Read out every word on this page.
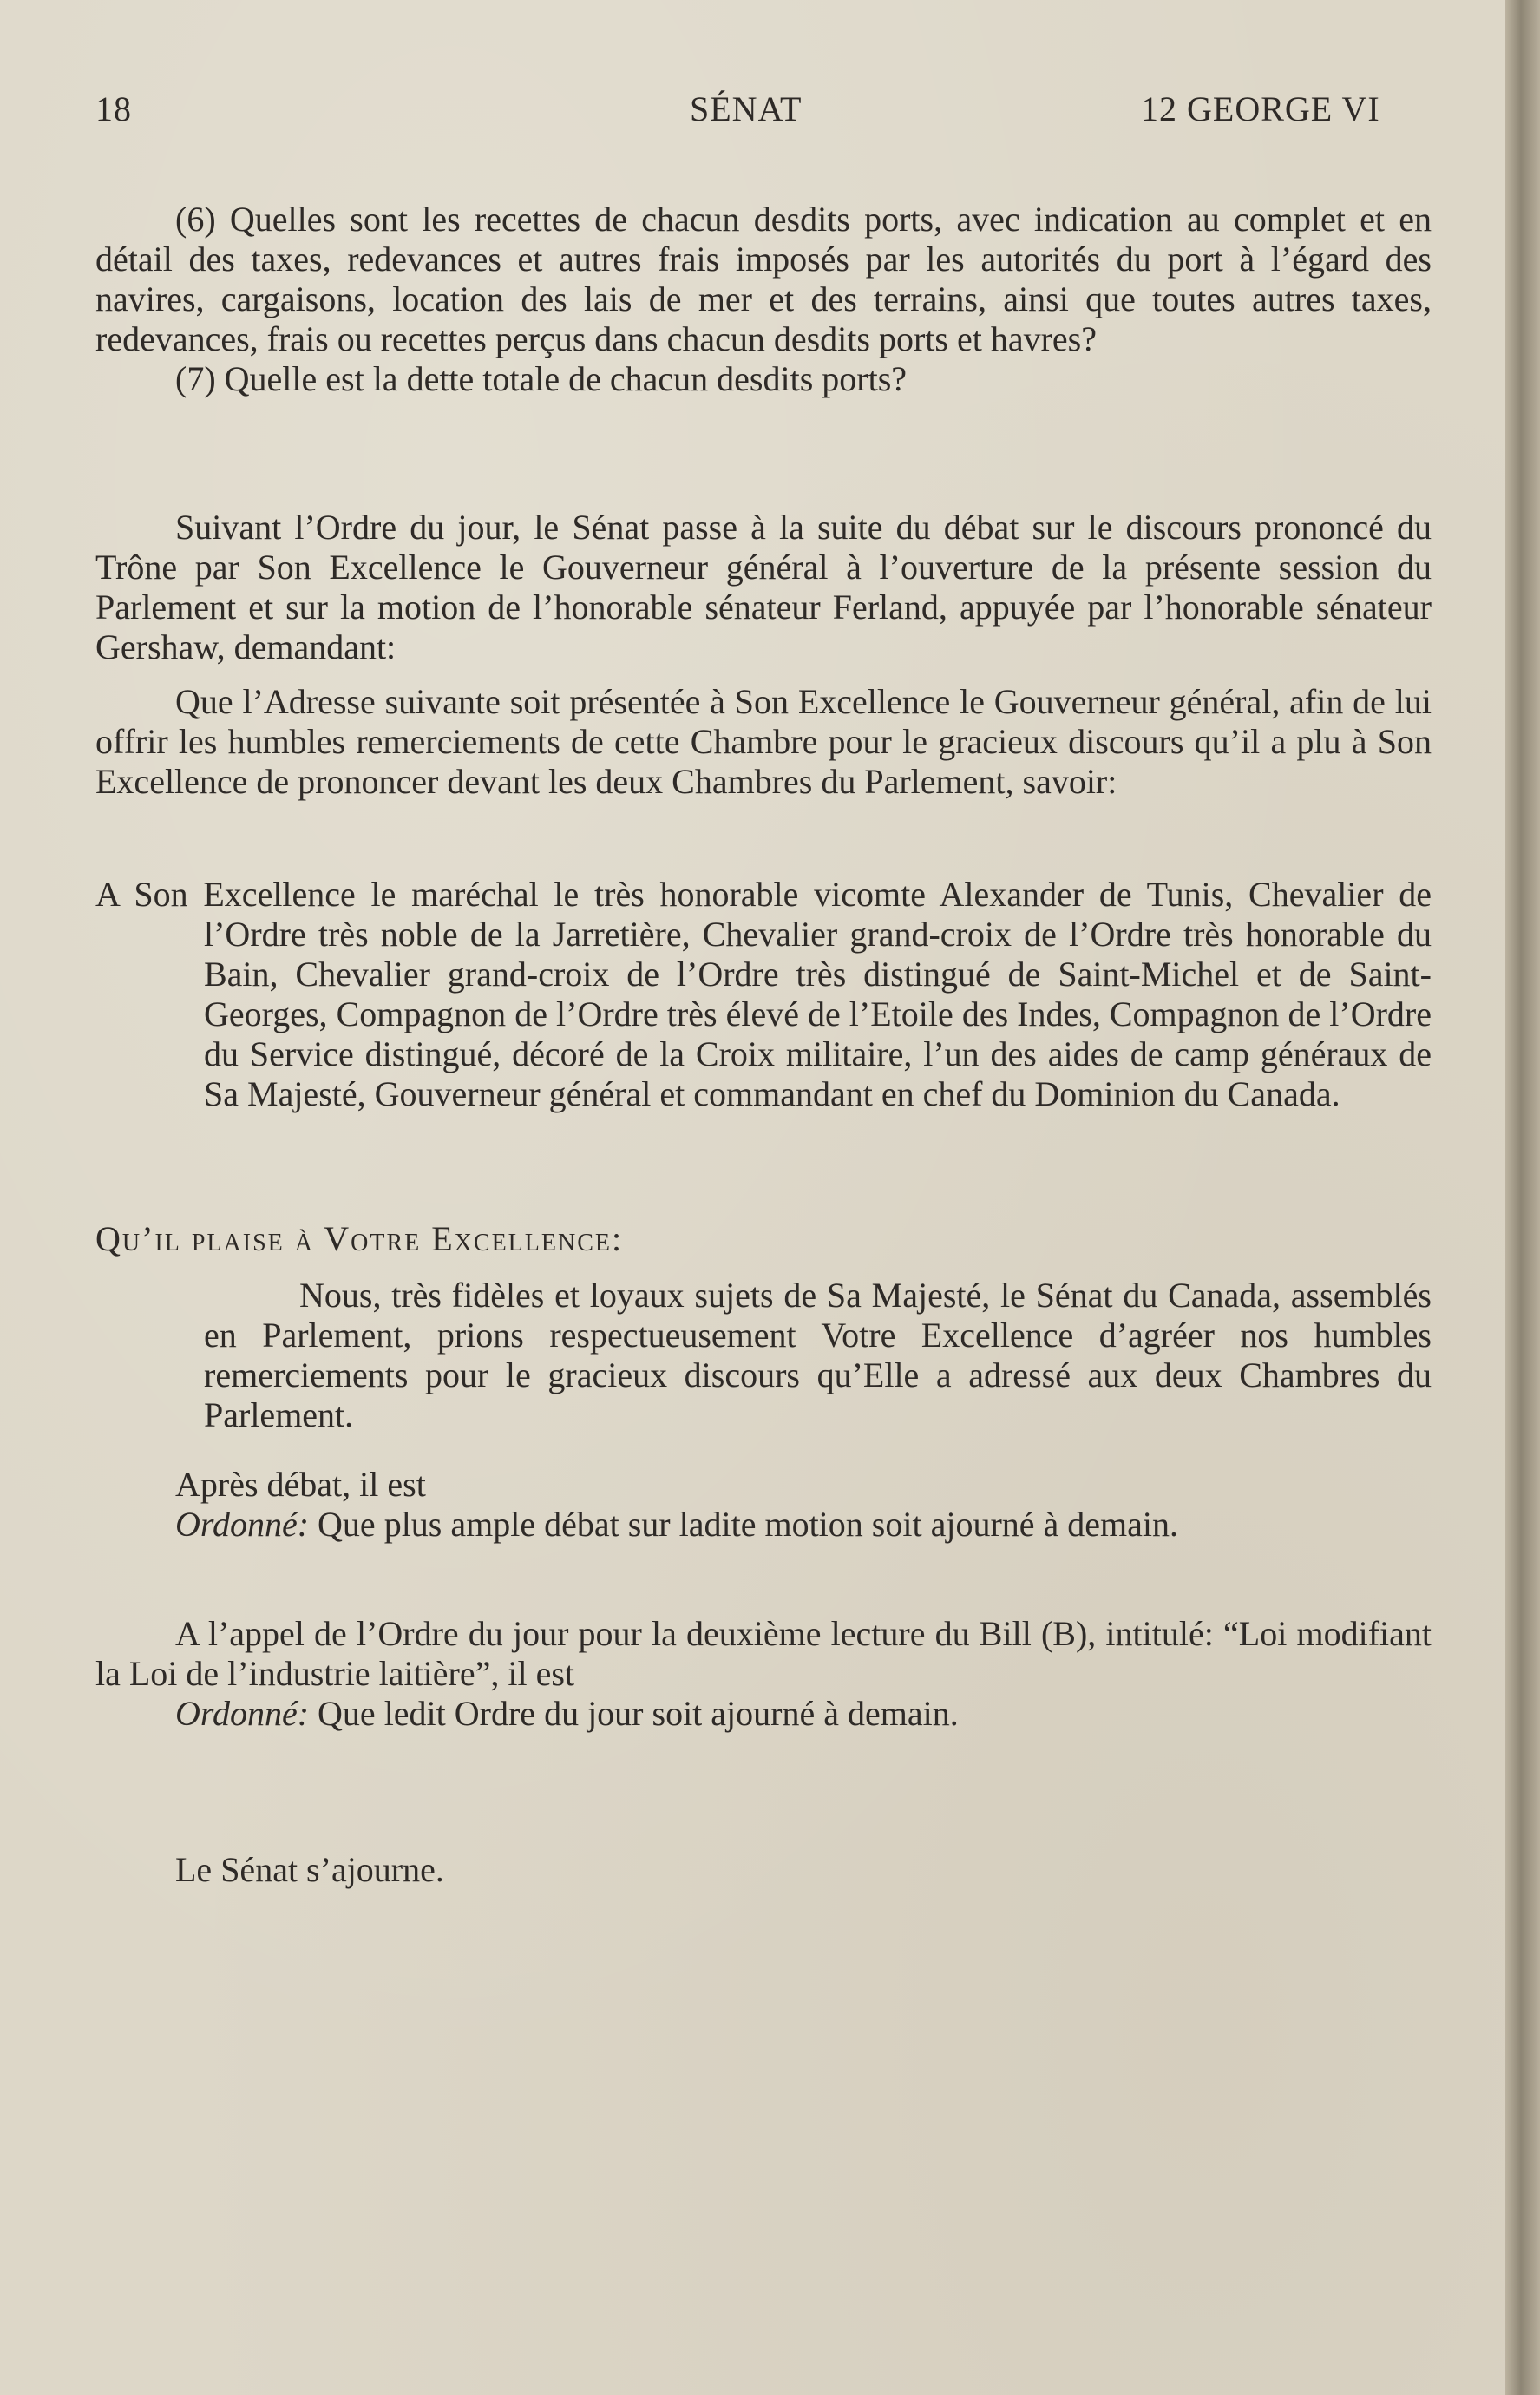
18	SÉNAT	12 GEORGE VI

(6) Quelles sont les recettes de chacun desdits ports, avec indication au complet et en détail des taxes, redevances et autres frais imposés par les autorités du port à l’égard des navires, cargaisons, location des lais de mer et des terrains, ainsi que toutes autres taxes, redevances, frais ou recettes perçus dans chacun desdits ports et havres?

(7) Quelle est la dette totale de chacun desdits ports?

Suivant l’Ordre du jour, le Sénat passe à la suite du débat sur le discours prononcé du Trône par Son Excellence le Gouverneur général à l’ouverture de la présente session du Parlement et sur la motion de l’honorable sénateur Ferland, appuyée par l’honorable sénateur Gershaw, demandant:

Que l’Adresse suivante soit présentée à Son Excellence le Gouverneur général, afin de lui offrir les humbles remerciements de cette Chambre pour le gracieux discours qu’il a plu à Son Excellence de prononcer devant les deux Chambres du Parlement, savoir:

A Son Excellence le maréchal le très honorable vicomte Alexander de Tunis, Chevalier de l’Ordre très noble de la Jarretière, Chevalier grand-croix de l’Ordre très honorable du Bain, Chevalier grand-croix de l’Ordre très distingué de Saint-Michel et de Saint-Georges, Compagnon de l’Ordre très élevé de l’Etoile des Indes, Compagnon de l’Ordre du Service distingué, décoré de la Croix militaire, l’un des aides de camp généraux de Sa Majesté, Gouverneur général et commandant en chef du Dominion du Canada.

Qu’il plaise à Votre Excellence:

Nous, très fidèles et loyaux sujets de Sa Majesté, le Sénat du Canada, assemblés en Parlement, prions respectueusement Votre Excellence d’agréer nos humbles remerciements pour le gracieux discours qu’Elle a adressé aux deux Chambres du Parlement.

Après débat, il est

Ordonné: Que plus ample débat sur ladite motion soit ajourné à demain.

A l’appel de l’Ordre du jour pour la deuxième lecture du Bill (B), intitulé: “Loi modifiant la Loi de l’industrie laitière”, il est

Ordonné: Que ledit Ordre du jour soit ajourné à demain.

Le Sénat s’ajourne.
